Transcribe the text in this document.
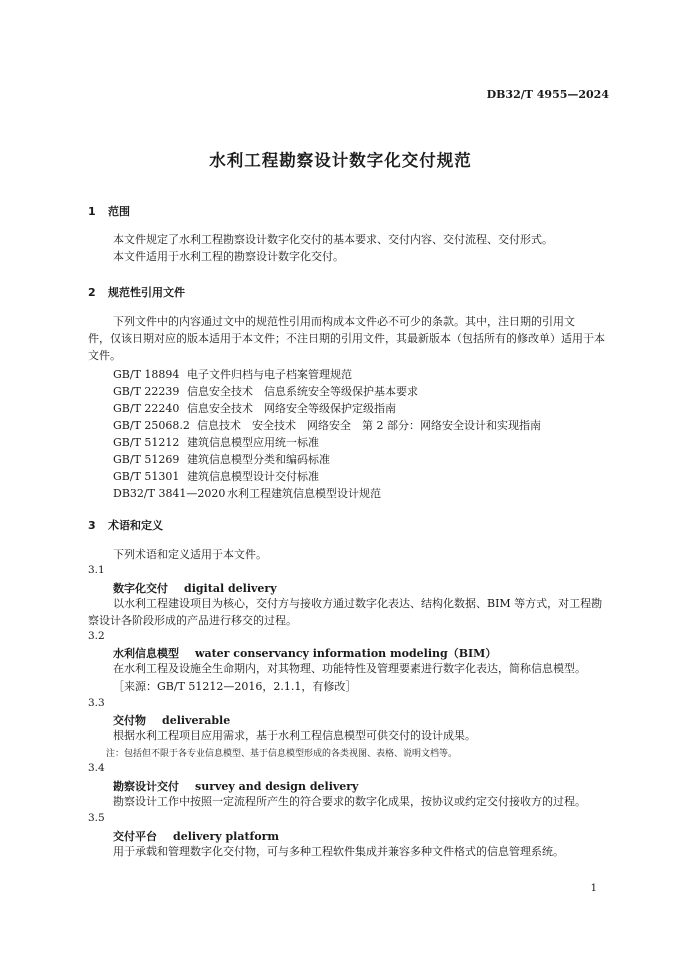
DB32/T 4955—2024
水利工程勘察设计数字化交付规范
1 范围
本文件规定了水利工程勘察设计数字化交付的基本要求、交付内容、交付流程、交付形式。
本文件适用于水利工程的勘察设计数字化交付。
2 规范性引用文件
下列文件中的内容通过文中的规范性引用而构成本文件必不可少的条款。其中，注日期的引用文
件，仅该日期对应的版本适用于本文件；不注日期的引用文件，其最新版本（包括所有的修改单）适用于本
文件。
GB/T 18894 电子文件归档与电子档案管理规范
GB/T 22239 信息安全技术　信息系统安全等级保护基本要求
GB/T 22240 信息安全技术　网络安全等级保护定级指南
GB/T 25068.2 信息技术　安全技术　网络安全　第 2 部分：网络安全设计和实现指南
GB/T 51212 建筑信息模型应用统一标准
GB/T 51269 建筑信息模型分类和编码标准
GB/T 51301 建筑信息模型设计交付标准
DB32/T 3841—2020 水利工程建筑信息模型设计规范
3 术语和定义
下列术语和定义适用于本文件。
3.1
数字化交付 digital delivery
以水利工程建设项目为核心，交付方与接收方通过数字化表达、结构化数据、BIM 等方式，对工程勘
察设计各阶段形成的产品进行移交的过程。
3.2
水利信息模型 water conservancy information modeling（BIM）
在水利工程及设施全生命期内，对其物理、功能特性及管理要素进行数字化表达，简称信息模型。
［来源：GB/T 51212—2016，2.1.1，有修改］
3.3
交付物 deliverable
根据水利工程项目应用需求，基于水利工程信息模型可供交付的设计成果。
注：包括但不限于各专业信息模型、基于信息模型形成的各类视图、表格、说明文档等。
3.4
勘察设计交付 survey and design delivery
勘察设计工作中按照一定流程所产生的符合要求的数字化成果，按协议或约定交付接收方的过程。
3.5
交付平台 delivery platform
用于承载和管理数字化交付物，可与多种工程软件集成并兼容多种文件格式的信息管理系统。
1
